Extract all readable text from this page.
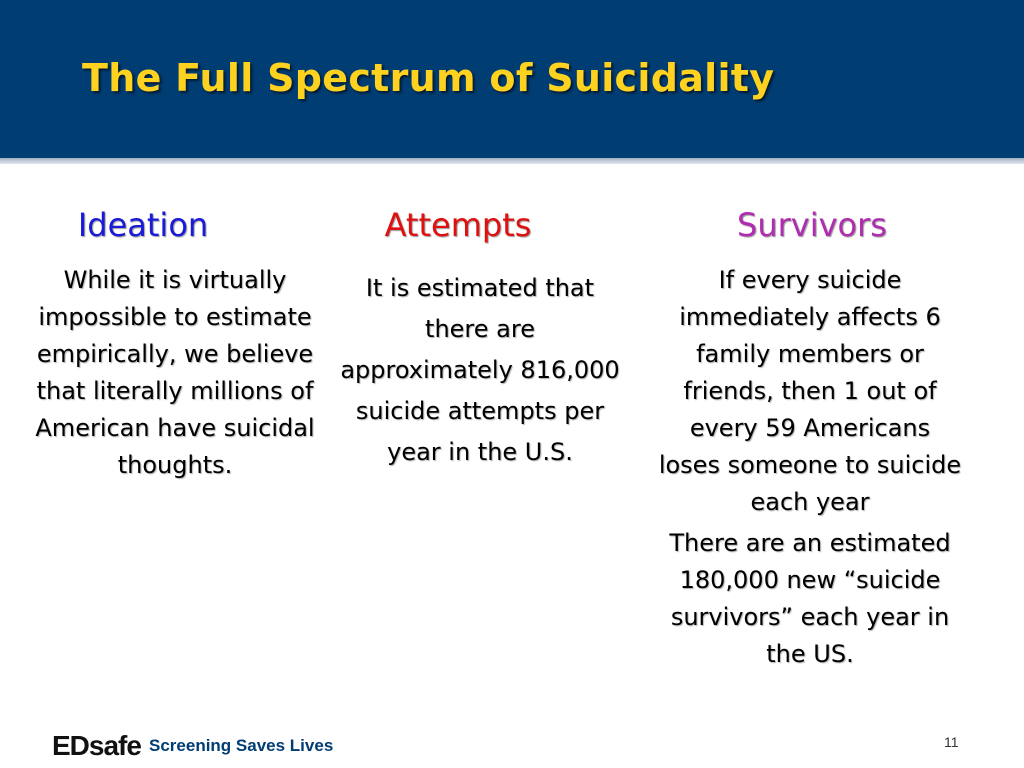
The Full Spectrum of Suicidality
Ideation

While it is virtually impossible to estimate empirically, we believe that literally millions of American have suicidal thoughts.

Attempts

It is estimated that there are approximately 816,000 suicide attempts per year in the U.S.

Survivors

If every suicide immediately affects 6 family members or friends, then 1 out of every 59 Americans loses someone to suicide each year

There are an estimated 180,000 new “suicide survivors” each year in the US.

EDsafe Screening Saves Lives	11
